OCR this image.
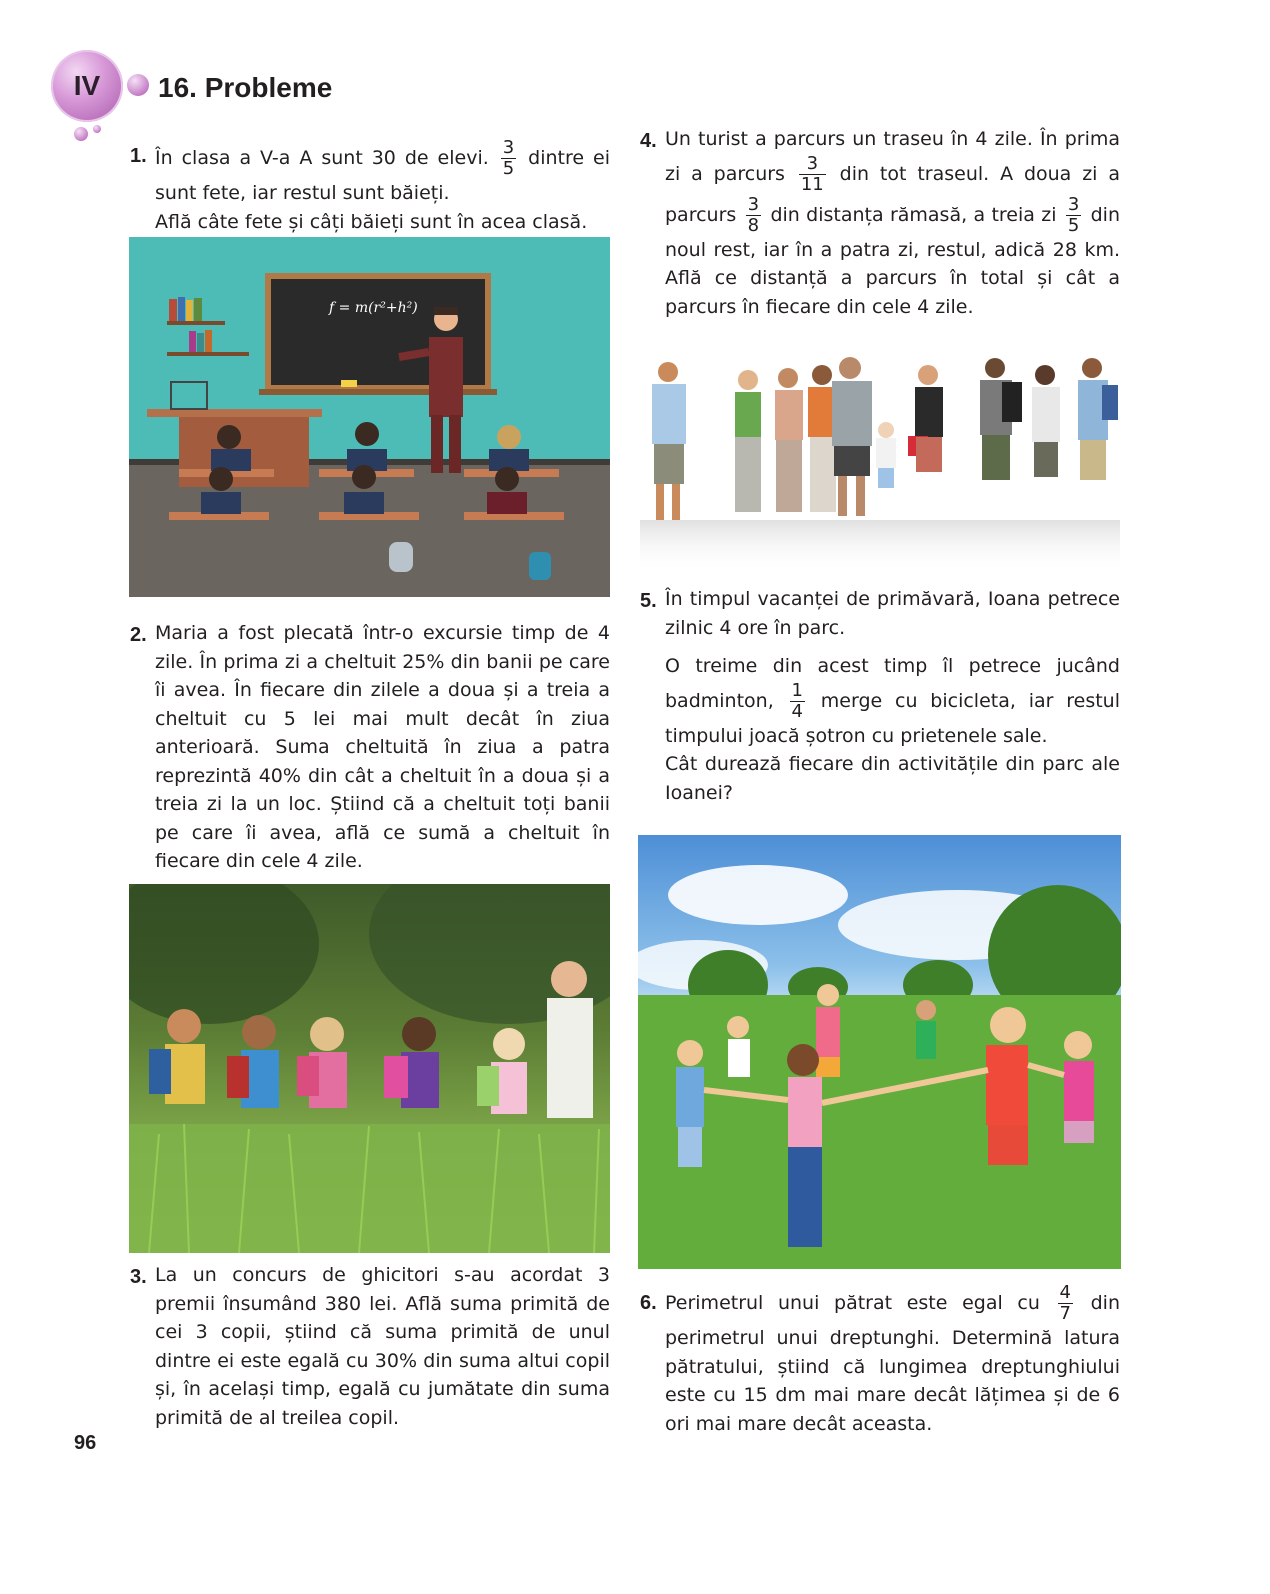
IV 16. Probleme
1. În clasa a V-a A sunt 30 de elevi. $\frac{3}{5}$ dintre ei sunt fete, iar restul sunt băieți.
Află câte fete și câți băieți sunt în acea clasă.
f = m(r²+h²)
2. Maria a fost plecată într-o excursie timp de 4 zile. În prima zi a cheltuit 25% din banii pe care îi avea. În fiecare din zilele a doua și a treia a cheltuit cu 5 lei mai mult decât în ziua anterioară. Suma cheltuită în ziua a patra reprezintă 40% din cât a cheltuit în a doua și a treia zi la un loc. Știind că a cheltuit toți banii pe care îi avea, află ce sumă a cheltuit în fiecare din cele 4 zile.
3. La un concurs de ghicitori s-au acordat 3 premii însumând 380 lei. Află suma primită de cei 3 copii, știind că suma primită de unul dintre ei este egală cu 30% din suma altui copil și, în același timp, egală cu jumătate din suma primită de al treilea copil.
4. Un turist a parcurs un traseu în 4 zile. În prima zi a parcurs $\frac{3}{11}$ din tot traseul. A doua zi a parcurs $\frac{3}{8}$ din distanța rămasă, a treia zi $\frac{3}{5}$ din noul rest, iar în a patra zi, restul, adică 28 km. Află ce distanță a parcurs în total și cât a parcurs în fiecare din cele 4 zile.
5. În timpul vacanței de primăvară, Ioana petrece zilnic 4 ore în parc.
O treime din acest timp îl petrece jucând badminton, $\frac{1}{4}$ merge cu bicicleta, iar restul timpului joacă șotron cu prietenele sale.
Cât durează fiecare din activitățile din parc ale Ioanei?
6. Perimetrul unui pătrat este egal cu $\frac{4}{7}$ din perimetrul unui dreptunghi. Determină latura pătratului, știind că lungimea dreptunghiului este cu 15 dm mai mare decât lățimea și de 6 ori mai mare decât aceasta.
96
